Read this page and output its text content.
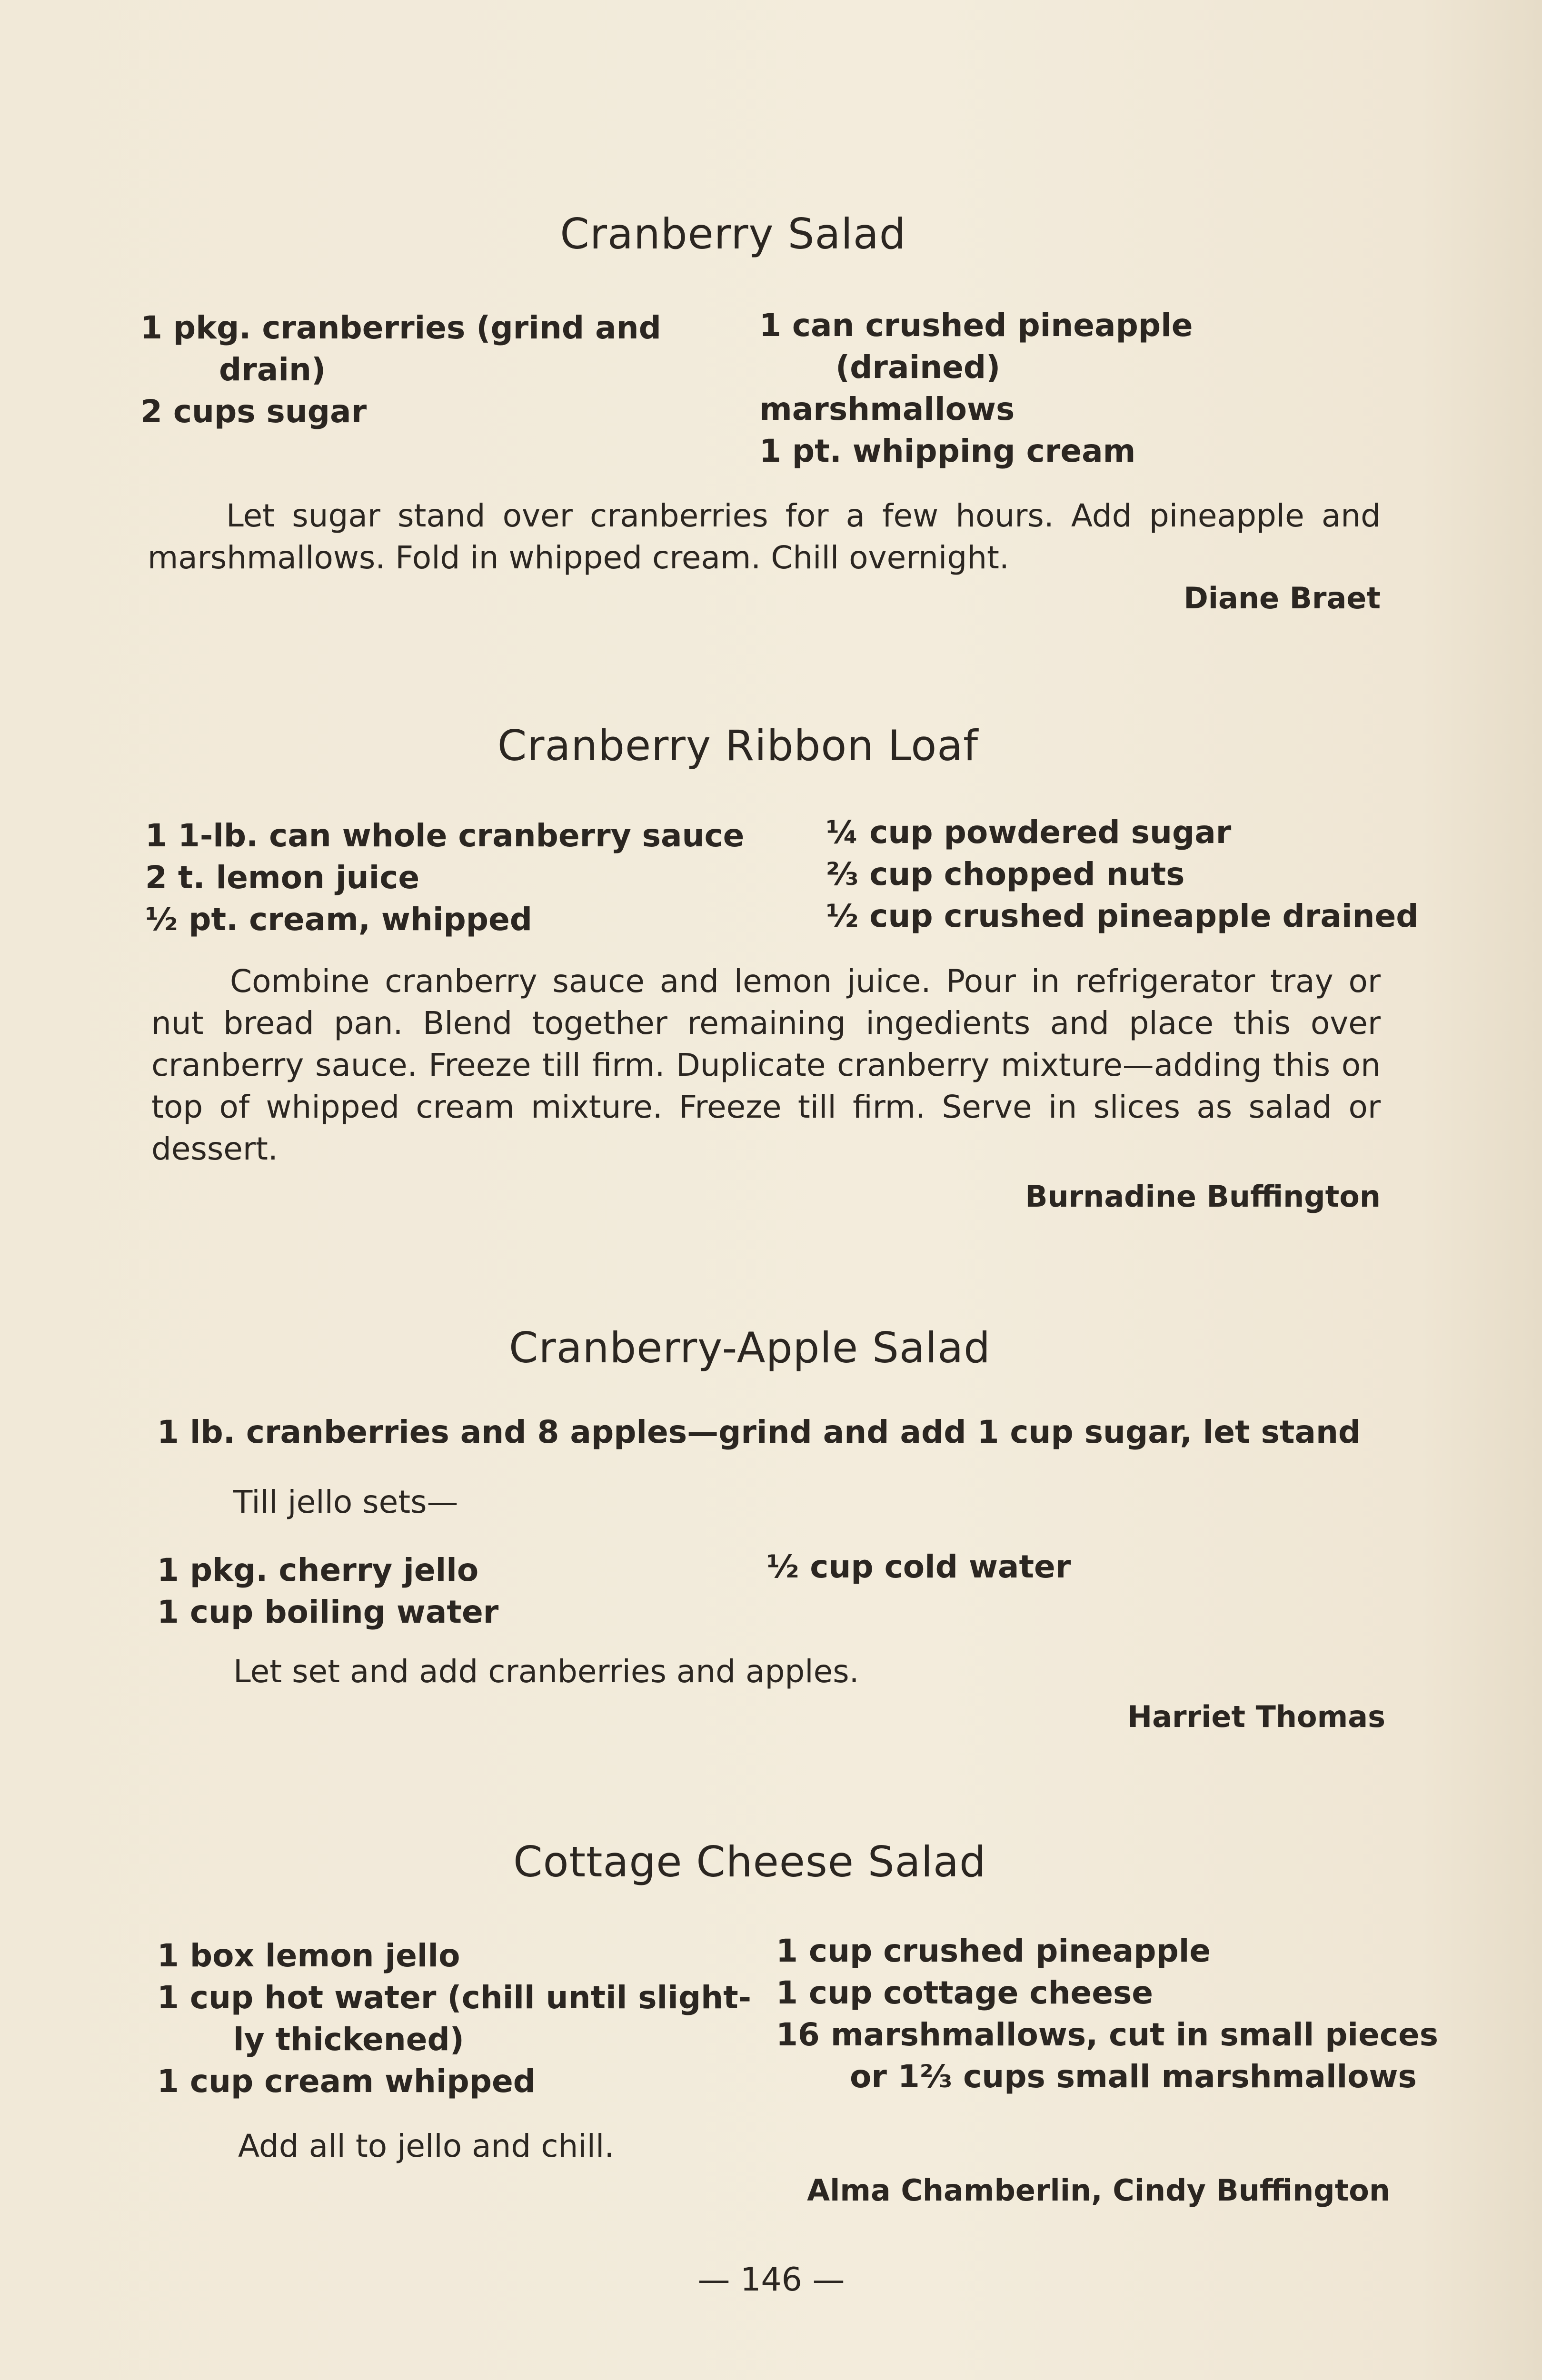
Cranberry Salad
1 pkg. cranberries (grind and
drain)
2 cups sugar
1 can crushed pineapple
(drained)
marshmallows
1 pt. whipping cream
Let sugar stand over cranberries for a few hours. Add pineapple and marshmallows. Fold in whipped cream. Chill overnight.
Diane Braet
Cranberry Ribbon Loaf
1 1-lb. can whole cranberry sauce
2 t. lemon juice
½ pt. cream, whipped
¼ cup powdered sugar
⅔ cup chopped nuts
½ cup crushed pineapple drained
Combine cranberry sauce and lemon juice. Pour in refrigerator tray or nut bread pan. Blend together remaining ingedients and place this over cranberry sauce. Freeze till firm. Duplicate cranberry mixture—adding this on top of whipped cream mixture. Freeze till firm. Serve in slices as salad or dessert.
Burnadine Buffington
Cranberry-Apple Salad
1 lb. cranberries and 8 apples—grind and add 1 cup sugar, let stand
Till jello sets—
1 pkg. cherry jello
1 cup boiling water
½ cup cold water
Let set and add cranberries and apples.
Harriet Thomas
Cottage Cheese Salad
1 box lemon jello
1 cup hot water (chill until slight-
ly thickened)
1 cup cream whipped
1 cup crushed pineapple
1 cup cottage cheese
16 marshmallows, cut in small pieces
or 1⅔ cups small marshmallows
Add all to jello and chill.
Alma Chamberlin, Cindy Buffington
— 146 —
